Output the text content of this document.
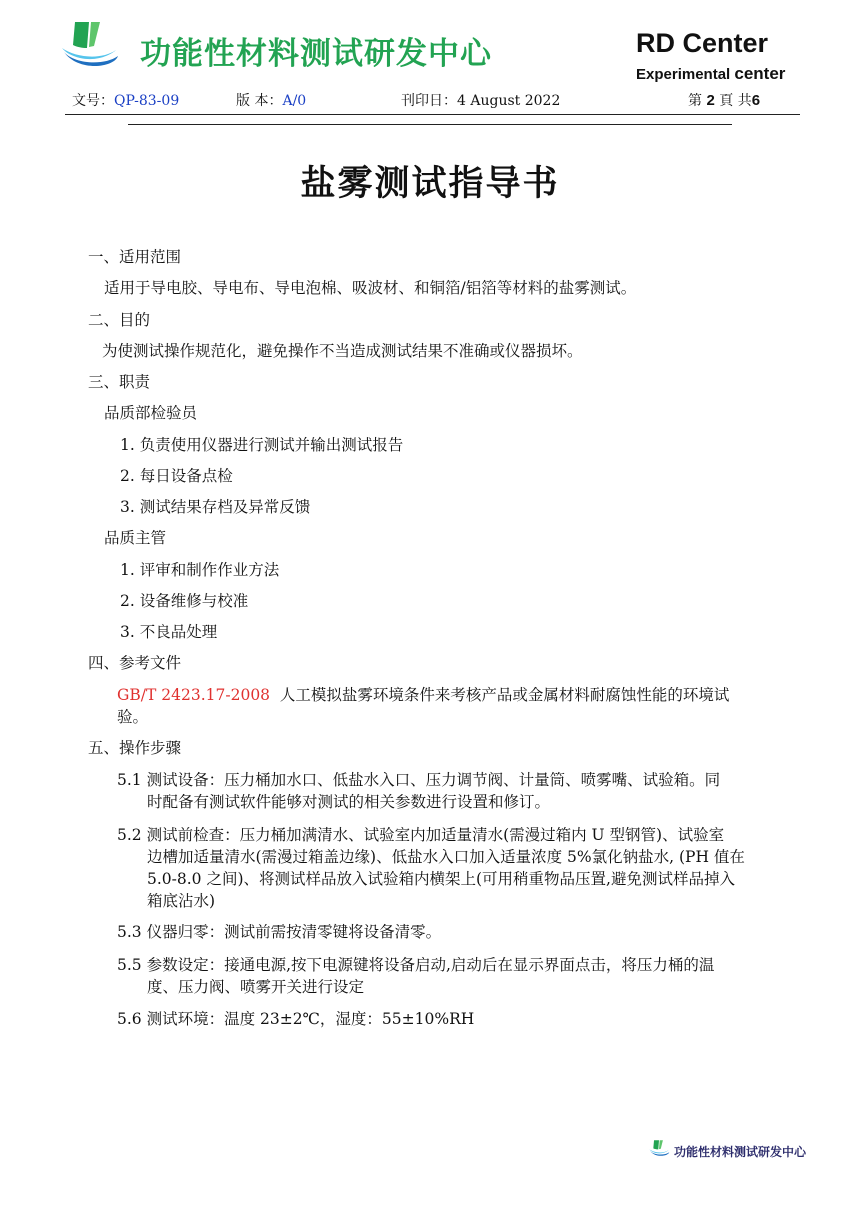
功能性材料测试研发中心	RD Center
Experimental center
文号：QP-83-09	版 本：A/0	刊印日：4 August 2022	第 2 頁 共6
盐雾测试指导书
一、适用范围
适用于导电胶、导电布、导电泡棉、吸波材、和铜箔/铝箔等材料的盐雾测试。
二、目的
为使测试操作规范化，避免操作不当造成测试结果不准确或仪器损坏。
三、职责
品质部检验员
1. 负责使用仪器进行测试并输出测试报告
2. 每日设备点检
3. 测试结果存档及异常反馈
品质主管
1. 评审和制作作业方法
2. 设备维修与校准
3. 不良品处理
四、参考文件
GB/T 2423.17-2008 人工模拟盐雾环境条件来考核产品或金属材料耐腐蚀性能的环境试
验。
五、操作步骤
5.1 测试设备：压力桶加水口、低盐水入口、压力调节阀、计量筒、喷雾嘴、试验箱。同
时配备有测试软件能够对测试的相关参数进行设置和修订。
5.2 测试前检查：压力桶加满清水、试验室内加适量清水(需漫过箱内 U 型钢管)、试验室
边槽加适量清水(需漫过箱盖边缘)、低盐水入口加入适量浓度 5%氯化钠盐水, (PH 值在
5.0-8.0 之间)、将测试样品放入试验箱内横架上(可用稍重物品压置,避免测试样品掉入
箱底沾水)
5.3 仪器归零：测试前需按清零键将设备清零。
5.5 参数设定：接通电源,按下电源键将设备启动,启动后在显示界面点击，将压力桶的温
度、压力阀、喷雾开关进行设定
5.6 测试环境：温度 23±2℃，湿度：55±10%RH
功能性材料测试研发中心
